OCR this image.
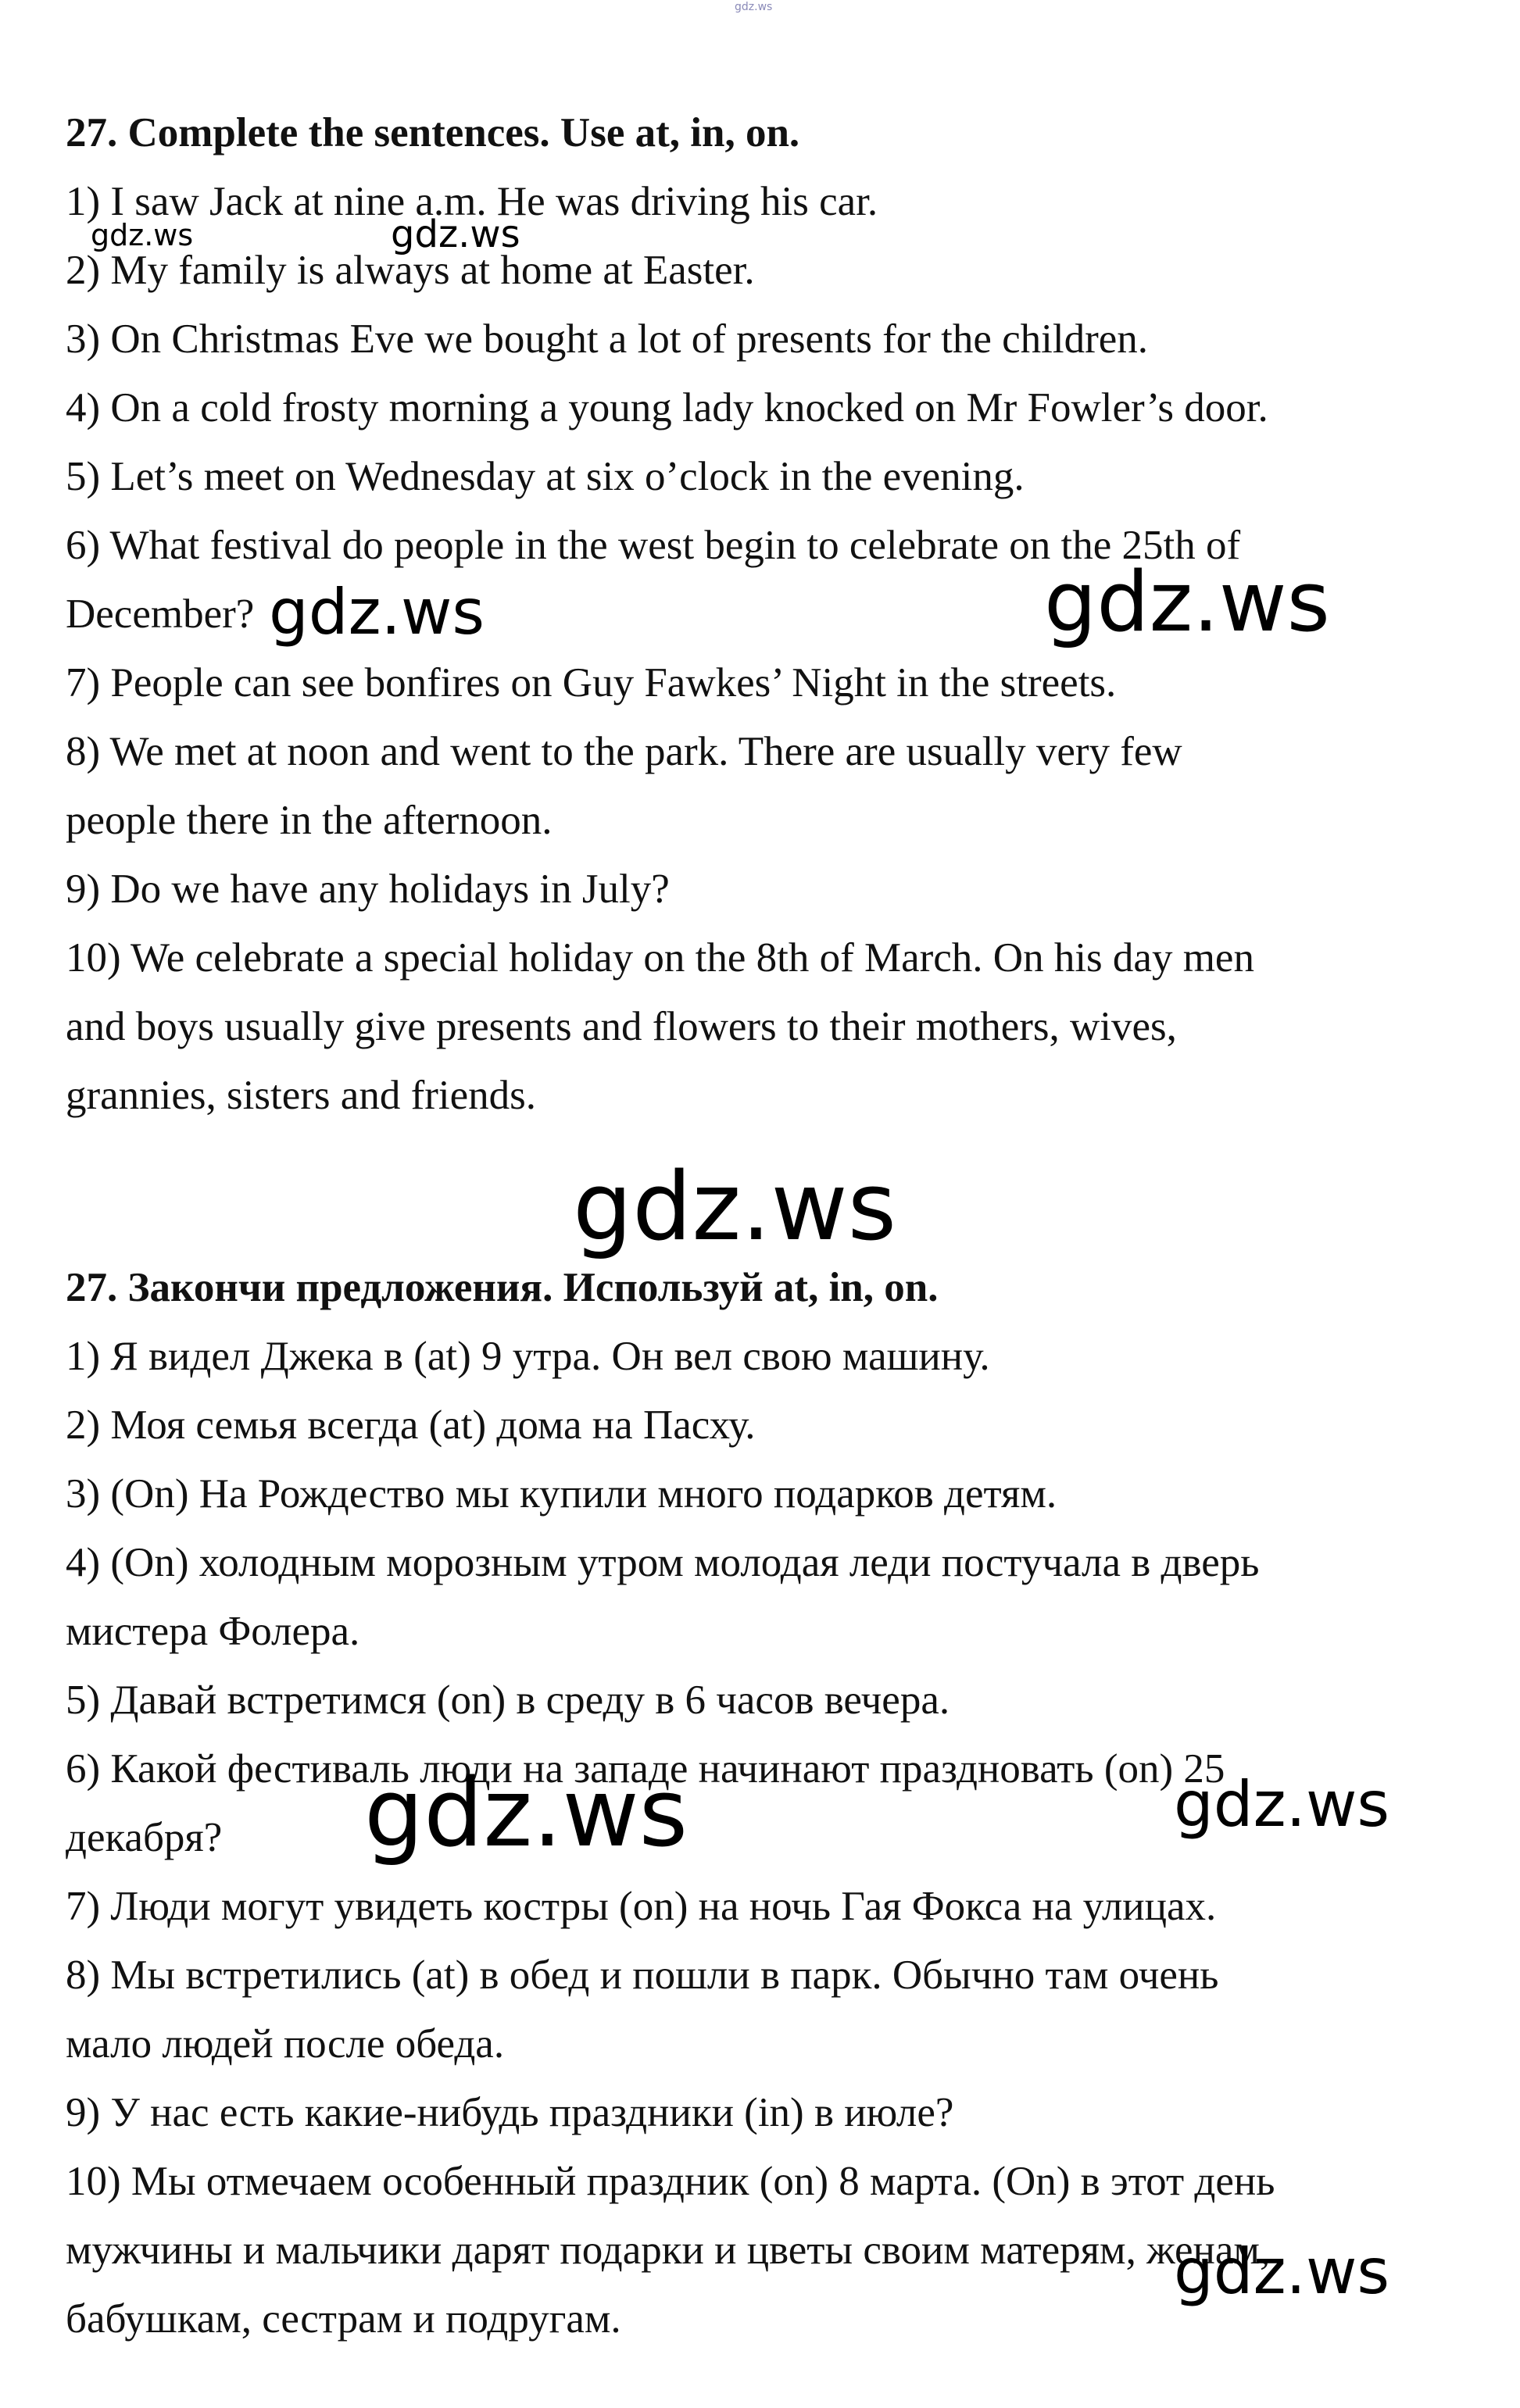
27. Complete the sentences. Use at, in, on.
1) I saw Jack at nine a.m. He was driving his car.
2) My family is always at home at Easter.
3) On Christmas Eve we bought a lot of presents for the children.
4) On a cold frosty morning a young lady knocked on Mr Fowler’s door.
5) Let’s meet on Wednesday at six o’clock in the evening.
6) What festival do people in the west begin to celebrate on the 25th of
December?
7) People can see bonfires on Guy Fawkes’ Night in the streets.
8) We met at noon and went to the park. There are usually very few
people there in the afternoon.
9) Do we have any holidays in July?
10) We celebrate a special holiday on the 8th of March. On his day men
and boys usually give presents and flowers to their mothers, wives,
grannies, sisters and friends.
27. Закончи предложения. Используй at, in, on.
1) Я видел Джека в (at) 9 утра. Он вел свою машину.
2) Моя семья всегда (at) дома на Пасху.
3) (On) На Рождество мы купили много подарков детям.
4) (On) холодным морозным утром молодая леди постучала в дверь
мистера Фолера.
5) Давай встретимся (on) в среду в 6 часов вечера.
6) Какой фестиваль люди на западе начинают праздновать (on) 25
декабря?
7) Люди могут увидеть костры (on) на ночь Гая Фокса на улицах.
8) Мы встретились (at) в обед и пошли в парк. Обычно там очень
мало людей после обеда.
9) У нас есть какие-нибудь праздники (in) в июле?
10) Мы отмечаем особенный праздник (on) 8 марта. (On) в этот день
мужчины и мальчики дарят подарки и цветы своим матерям, женам,
бабушкам, сестрам и подругам.
gdz.ws
gdz.ws	gdz.ws
gdz.ws	gdz.ws
gdz.ws
gdz.ws	gdz.ws
gdz.ws
